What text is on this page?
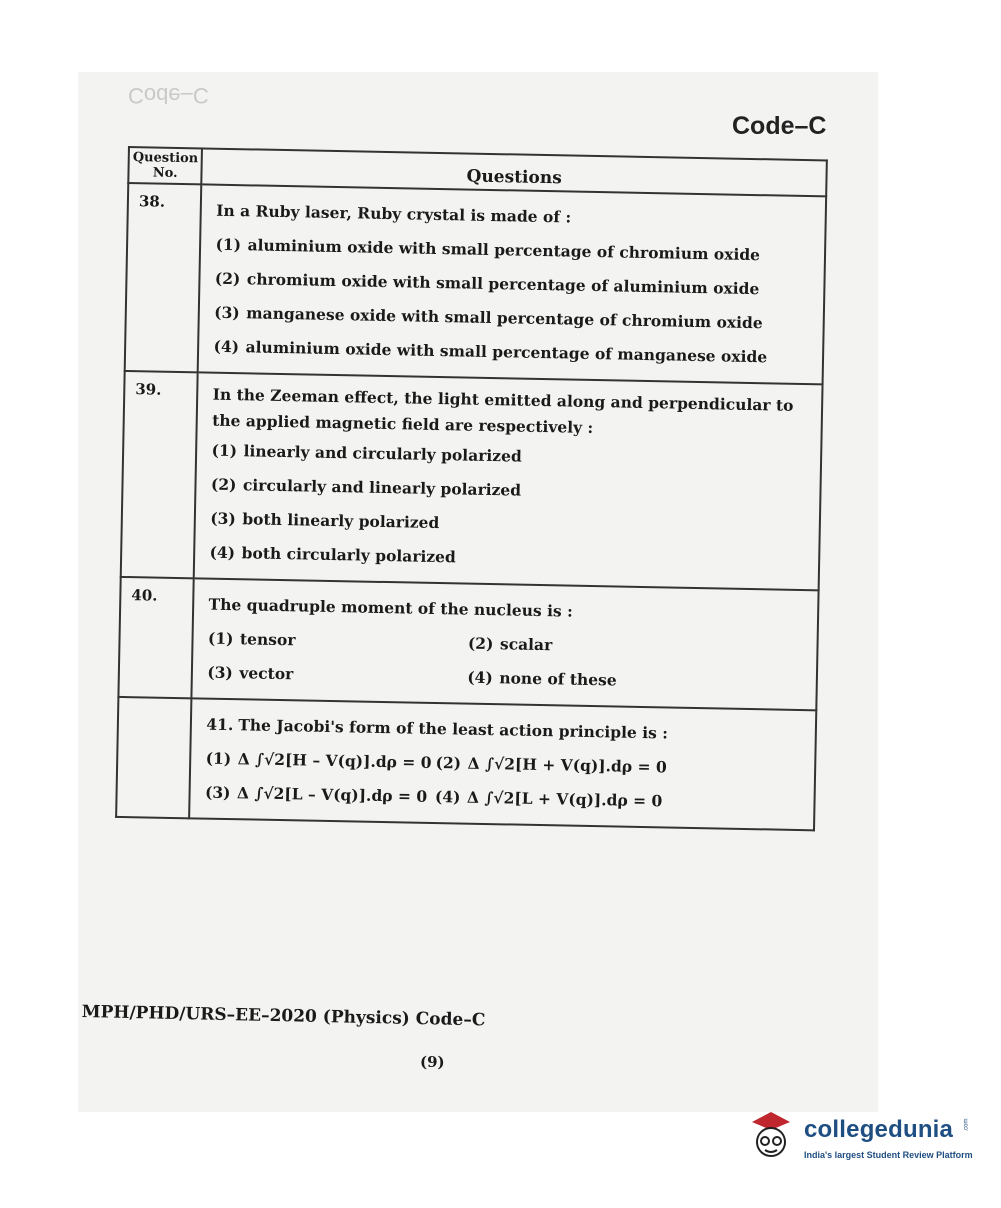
Code–C
Code–C
Question No.	Questions
38.	In a Ruby laser, Ruby crystal is made of :

(1) aluminium oxide with small percentage of chromium oxide

(2) chromium oxide with small percentage of aluminium oxide

(3) manganese oxide with small percentage of chromium oxide

(4) aluminium oxide with small percentage of manganese oxide

39.	In the Zeeman effect, the light emitted along and perpendicular to the applied magnetic field are respectively :

(1) linearly and circularly polarized

(2) circularly and linearly polarized

(3) both linearly polarized

(4) both circularly polarized

40.	The quadruple moment of the nucleus is :

(1) tensor (2) scalar
(3) vector (4) none of these

	41. The Jacobi's form of the least action principle is :

(1) Δ ∫√2[H – V(q)].dρ = 0 (2) Δ ∫√2[H + V(q)].dρ = 0
(3) Δ ∫√2[L – V(q)].dρ = 0 (4) Δ ∫√2[L + V(q)].dρ = 0
MPH/PHD/URS–EE–2020 (Physics) Code–C
(9)
collegedunia .com
India's largest Student Review Platform
